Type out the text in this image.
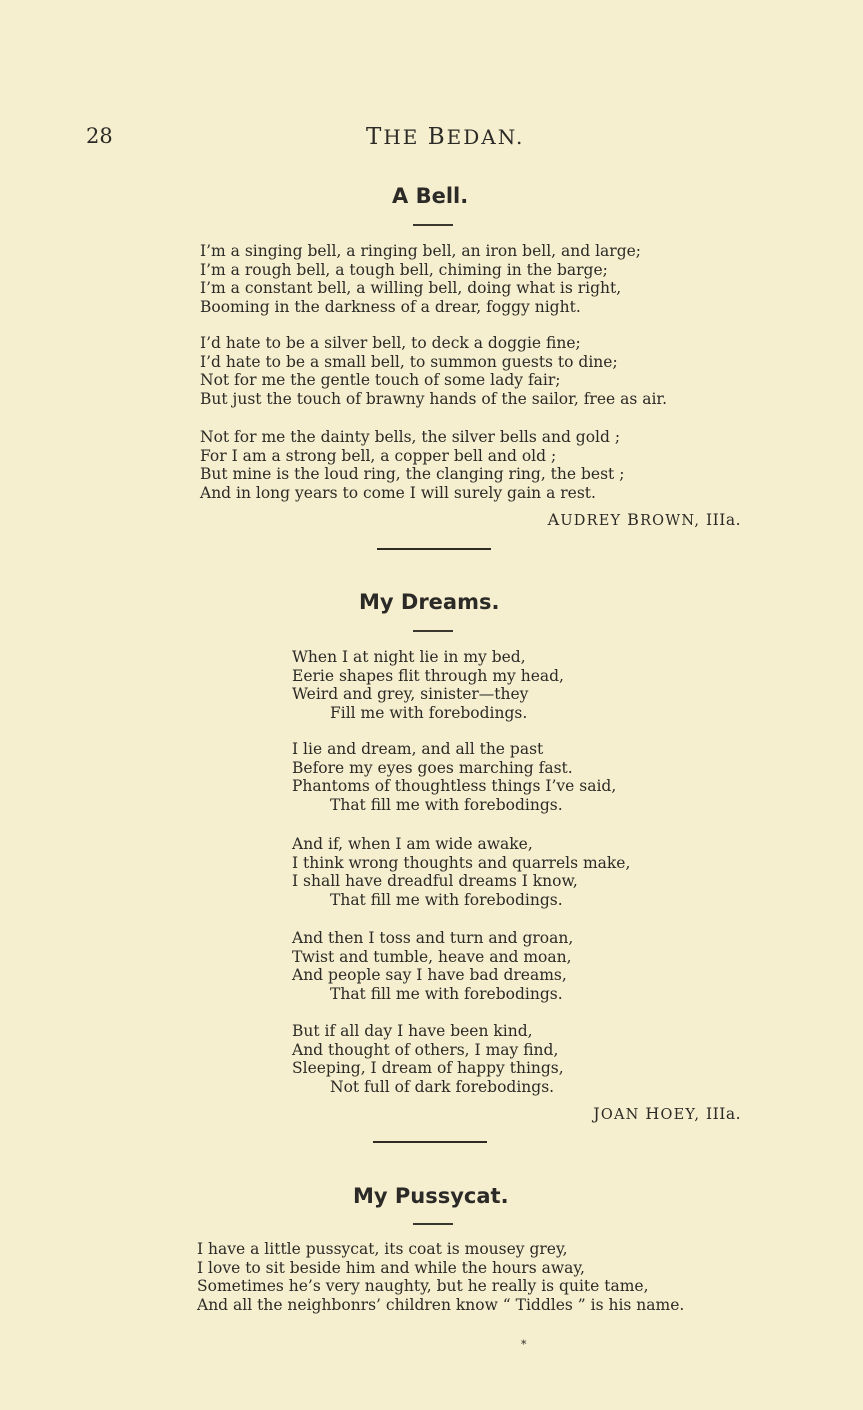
28	THE BEDAN.
A Bell.
I’m a singing bell, a ringing bell, an iron bell, and large;
I’m a rough bell, a tough bell, chiming in the barge;
I’m a constant bell, a willing bell, doing what is right,
Booming in the darkness of a drear, foggy night.
I’d hate to be a silver bell, to deck a doggie fine;
I’d hate to be a small bell, to summon guests to dine;
Not for me the gentle touch of some lady fair;
But just the touch of brawny hands of the sailor, free as air.
Not for me the dainty bells, the silver bells and gold ;
For I am a strong bell, a copper bell and old ;
But mine is the loud ring, the clanging ring, the best ;
And in long years to come I will surely gain a rest.
AUDREY BROWN, IIIa.
My Dreams.
When I at night lie in my bed,
Eerie shapes flit through my head,
Weird and grey, sinister—they
Fill me with forebodings.
I lie and dream, and all the past
Before my eyes goes marching fast.
Phantoms of thoughtless things I’ve said,
That fill me with forebodings.
And if, when I am wide awake,
I think wrong thoughts and quarrels make,
I shall have dreadful dreams I know,
That fill me with forebodings.
And then I toss and turn and groan,
Twist and tumble, heave and moan,
And people say I have bad dreams,
That fill me with forebodings.
But if all day I have been kind,
And thought of others, I may find,
Sleeping, I dream of happy things,
Not full of dark forebodings.
JOAN HOEY, IIIa.
My Pussycat.
I have a little pussycat, its coat is mousey grey,
I love to sit beside him and while the hours away,
Sometimes he’s very naughty, but he really is quite tame,
And all the neighbonrs’ children know “ Tiddles ” is his name.
*
